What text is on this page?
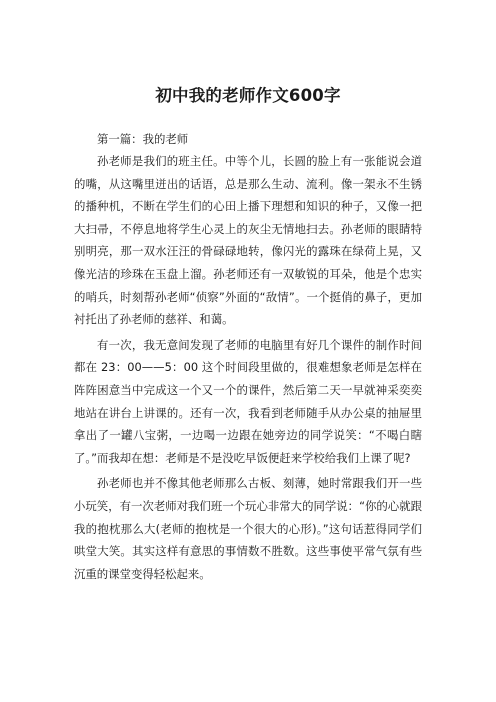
初中我的老师作文600字
第一篇：我的老师

孙老师是我们的班主任。中等个儿，长圆的脸上有一张能说会道的嘴，从这嘴里迸出的话语，总是那么生动、流利。像一架永不生锈的播种机，不断在学生们的心田上播下理想和知识的种子，又像一把大扫帚，不停息地将学生心灵上的灰尘无情地扫去。孙老师的眼睛特别明亮，那一双水汪汪的骨碌碌地转，像闪光的露珠在绿荷上晃，又像光洁的珍珠在玉盘上溜。孙老师还有一双敏锐的耳朵，他是个忠实的哨兵，时刻帮孙老师“侦察”外面的“敌情”。一个挺俏的鼻子，更加衬托出了孙老师的慈祥、和蔼。

有一次，我无意间发现了老师的电脑里有好几个课件的制作时间都在 23：00——5：00 这个时间段里做的，很难想象老师是怎样在阵阵困意当中完成这一个又一个的课件，然后第二天一早就神采奕奕地站在讲台上讲课的。还有一次，我看到老师随手从办公桌的抽屉里拿出了一罐八宝粥，一边喝一边跟在她旁边的同学说笑：“不喝白瞎了。”而我却在想：老师是不是没吃早饭便赶来学校给我们上课了呢?

孙老师也并不像其他老师那么古板、刻薄，她时常跟我们开一些小玩笑，有一次老师对我们班一个玩心非常大的同学说：“你的心就跟我的抱枕那么大(老师的抱枕是一个很大的心形)。”这句话惹得同学们哄堂大笑。其实这样有意思的事情数不胜数。这些事使平常气氛有些沉重的课堂变得轻松起来。
